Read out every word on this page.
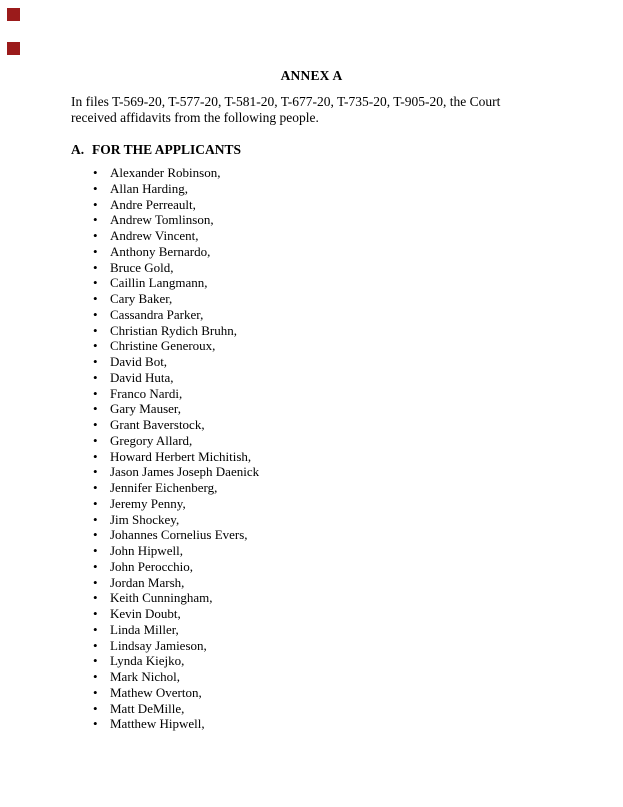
ANNEX A

In files T-569-20, T-577-20, T-581-20, T-677-20, T-735-20, T-905-20, the Court received affidavits from the following people.

A. FOR THE APPLICANTS
• Alexander Robinson,
• Allan Harding,
• Andre Perreault,
• Andrew Tomlinson,
• Andrew Vincent,
• Anthony Bernardo,
• Bruce Gold,
• Caillin Langmann,
• Cary Baker,
• Cassandra Parker,
• Christian Rydich Bruhn,
• Christine Generoux,
• David Bot,
• David Huta,
• Franco Nardi,
• Gary Mauser,
• Grant Baverstock,
• Gregory Allard,
• Howard Herbert Michitish,
• Jason James Joseph Daenick
• Jennifer Eichenberg,
• Jeremy Penny,
• Jim Shockey,
• Johannes Cornelius Evers,
• John Hipwell,
• John Perocchio,
• Jordan Marsh,
• Keith Cunningham,
• Kevin Doubt,
• Linda Miller,
• Lindsay Jamieson,
• Lynda Kiejko,
• Mark Nichol,
• Mathew Overton,
• Matt DeMille,
• Matthew Hipwell,
